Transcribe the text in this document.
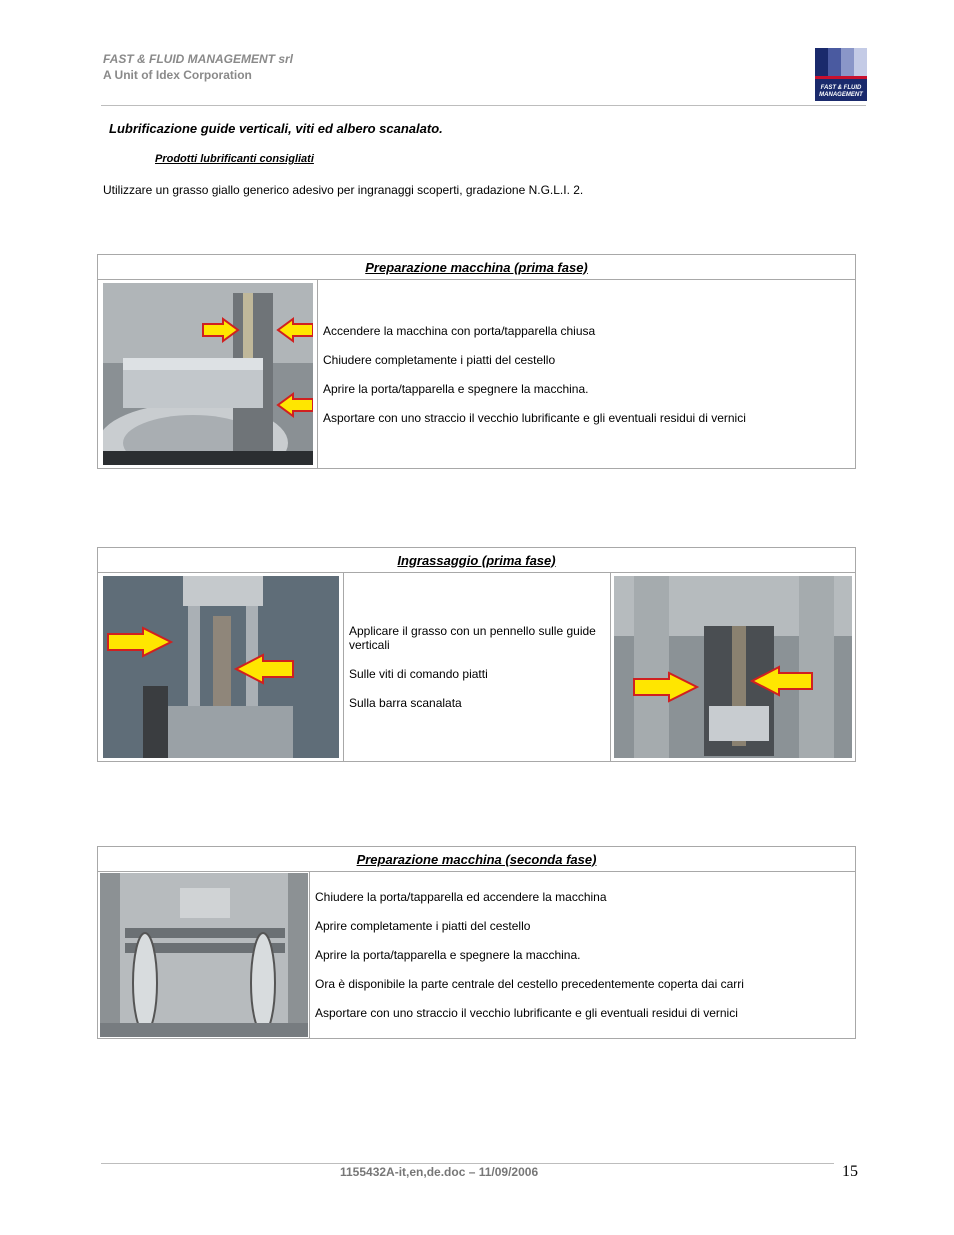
FAST & FLUID MANAGEMENT srl
A Unit of Idex Corporation
FAST & FLUID
MANAGEMENT
Lubrificazione guide verticali, viti ed albero scanalato.
Prodotti lubrificanti consigliati
Utilizzare un grasso giallo generico adesivo per ingranaggi scoperti, gradazione N.G.L.I. 2.
Preparazione macchina (prima fase)

Accendere la macchina con porta/tapparella chiusa

Chiudere completamente i piatti del cestello

Aprire la porta/tapparella e spegnere la macchina.

Asportare con uno straccio il vecchio lubrificante e gli eventuali residui di vernici

Ingrassaggio (prima fase)

Applicare il grasso con un pennello sulle guide verticali

Sulle viti di comando piatti

Sulla barra scanalata

Preparazione macchina (seconda fase)

Chiudere la porta/tapparella ed accendere la macchina

Aprire completamente i piatti del cestello

Aprire la porta/tapparella e spegnere la macchina.

Ora è disponibile la parte centrale del cestello precedentemente coperta dai carri

Asportare con uno straccio il vecchio lubrificante e gli eventuali residui di vernici

1155432A-it,en,de.doc – 11/09/2006	15
